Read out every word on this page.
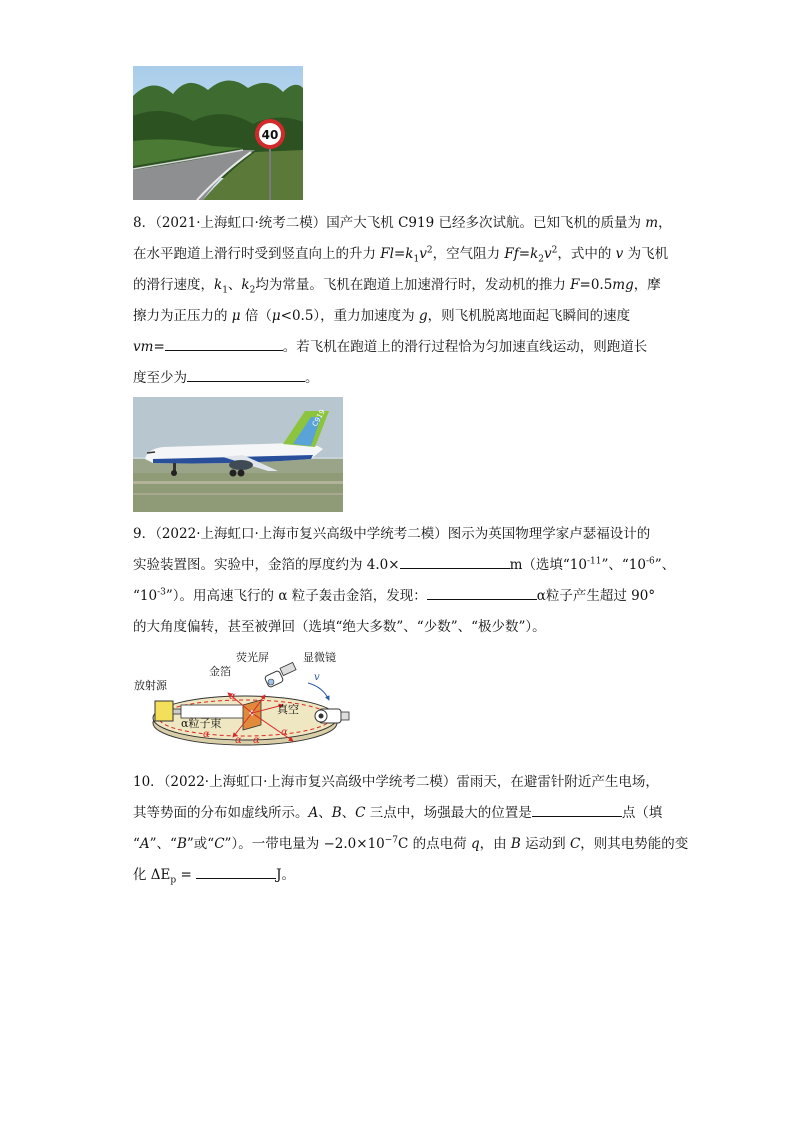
40
8．（2021·上海虹口·统考二模）国产大飞机 C919 已经多次试航。已知飞机的质量为 m，
在水平跑道上滑行时受到竖直向上的升力 $Fl=k_1v^2$，空气阻力 $Ff=k_2v^2$，式中的 v 为飞机
的滑行速度，$k_1$、$k_2$均为常量。飞机在跑道上加速滑行时，发动机的推力 F=0.5mg，摩
擦力为正压力的 μ 倍（μ<0.5），重力加速度为 g，则飞机脱离地面起飞瞬间的速度
vm=	。若飞机在跑道上的滑行过程恰为匀加速直线运动，则跑道长
度至少为	。
C919
9．（2022·上海虹口·上海市复兴高级中学统考二模）图示为英国物理学家卢瑟福设计的
实验装置图。实验中，金箔的厚度约为 4.0×	m（选填“$10^{-11}$”、“$10^{-6}$”、
“$10^{-3}$”）。用高速飞行的 α 粒子轰击金箔，发现：	α粒子产生超过 90°
的大角度偏转，甚至被弹回（选填“绝大多数”、“少数”、“极少数”）。
v
放射源
金箔
荧光屏	显微镜
真空
α粒子束
α
α α
α
α
10．（2022·上海虹口·上海市复兴高级中学统考二模）雷雨天，在避雷针附近产生电场，
其等势面的分布如虚线所示。A、B、C 三点中，场强最大的位置是	点（填
“A”、“B”或“C”）。一带电量为 $-2.0\times 10^{-7}C$ 的点电荷 q，由 B 运动到 C，则其电势能的变
化 $\Delta E_p$ =	J。
